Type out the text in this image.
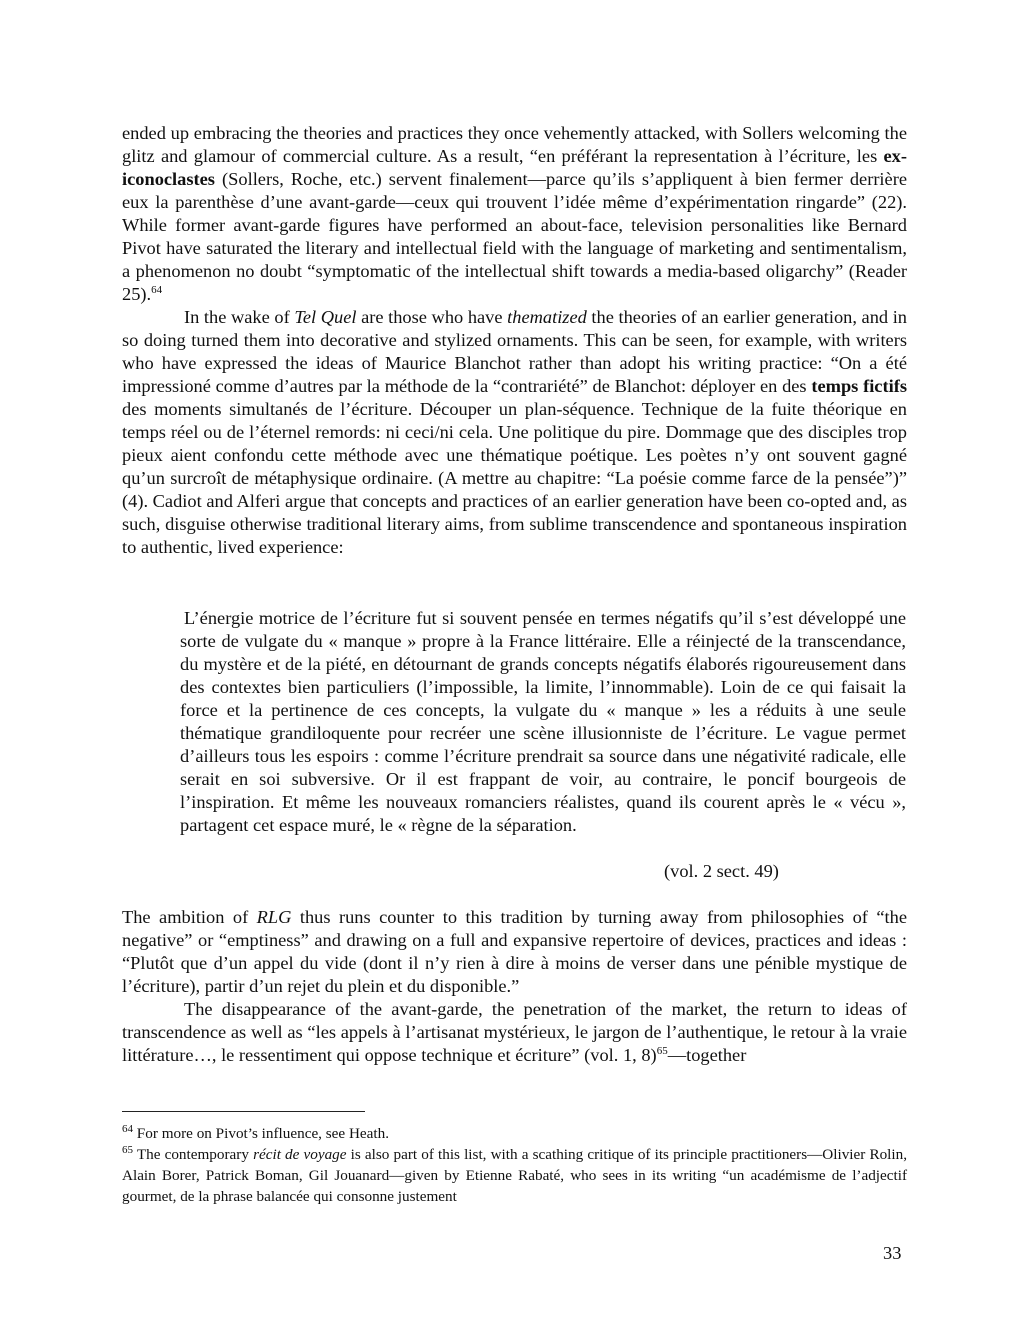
ended up embracing the theories and practices they once vehemently attacked, with Sollers welcoming the glitz and glamour of commercial culture. As a result, “en préférant la representation à l’écriture, les ex-iconoclastes (Sollers, Roche, etc.) servent finalement—parce qu’ils s’appliquent à bien fermer derrière eux la parenthèse d’une avant-garde—ceux qui trouvent l’idée même d’expérimentation ringarde” (22). While former avant-garde figures have performed an about-face, television personalities like Bernard Pivot have saturated the literary and intellectual field with the language of marketing and sentimentalism, a phenomenon no doubt “symptomatic of the intellectual shift towards a media-based oligarchy” (Reader 25).$^{64}$

In the wake of Tel Quel are those who have thematized the theories of an earlier generation, and in so doing turned them into decorative and stylized ornaments. This can be seen, for example, with writers who have expressed the ideas of Maurice Blanchot rather than adopt his writing practice: “On a été impressioné comme d’autres par la méthode de la “contrariété” de Blanchot: déployer en des temps fictifs des moments simultanés de l’écriture. Découper un plan-séquence. Technique de la fuite théorique en temps réel ou de l’éternel remords: ni ceci/ni cela. Une politique du pire. Dommage que des disciples trop pieux aient confondu cette méthode avec une thématique poétique. Les poètes n’y ont souvent gagné qu’un surcroît de métaphysique ordinaire. (A mettre au chapitre: “La poésie comme farce de la pensée”)” (4). Cadiot and Alferi argue that concepts and practices of an earlier generation have been co-opted and, as such, disguise otherwise traditional literary aims, from sublime transcendence and spontaneous inspiration to authentic, lived experience:

L’énergie motrice de l’écriture fut si souvent pensée en termes négatifs qu’il s’est développé une sorte de vulgate du « manque » propre à la France littéraire. Elle a réinjecté de la transcendance, du mystère et de la piété, en détournant de grands concepts négatifs élaborés rigoureusement dans des contextes bien particuliers (l’impossible, la limite, l’innommable). Loin de ce qui faisait la force et la pertinence de ces concepts, la vulgate du « manque » les a réduits à une seule thématique grandiloquente pour recréer une scène illusionniste de l’écriture. Le vague permet d’ailleurs tous les espoirs : comme l’écriture prendrait sa source dans une négativité radicale, elle serait en soi subversive. Or il est frappant de voir, au contraire, le poncif bourgeois de l’inspiration. Et même les nouveaux romanciers réalistes, quand ils courent après le « vécu », partagent cet espace muré, le « règne de la séparation.

(vol. 2 sect. 49)

The ambition of RLG thus runs counter to this tradition by turning away from philosophies of “the negative” or “emptiness” and drawing on a full and expansive repertoire of devices, practices and ideas : “Plutôt que d’un appel du vide (dont il n’y rien à dire à moins de verser dans une pénible mystique de l’écriture), partir d’un rejet du plein et du disponible.”

The disappearance of the avant-garde, the penetration of the market, the return to ideas of transcendence as well as “les appels à l’artisanat mystérieux, le jargon de l’authentique, le retour à la vraie littérature…, le ressentiment qui oppose technique et écriture” (vol. 1, 8)$^{65}$—together

$^{64}$ For more on Pivot’s influence, see Heath.

$^{65}$ The contemporary récit de voyage is also part of this list, with a scathing critique of its principle practitioners—Olivier Rolin, Alain Borer, Patrick Boman, Gil Jouanard—given by Etienne Rabaté, who sees in its writing “un académisme de l’adjectif gourmet, de la phrase balancée qui consonne justement

33
